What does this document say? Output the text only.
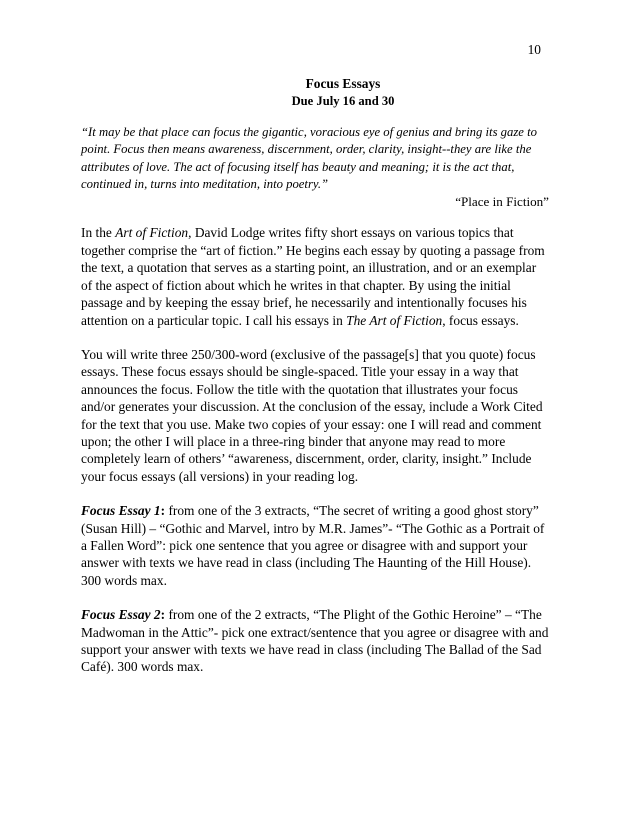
10

Focus Essays
Due July 16 and 30

“It may be that place can focus the gigantic, voracious eye of genius and bring its gaze to point. Focus then means awareness, discernment, order, clarity, insight--they are like the attributes of love. The act of focusing itself has beauty and meaning; it is the act that, continued in, turns into meditation, into poetry.”

“Place in Fiction”

In the Art of Fiction, David Lodge writes fifty short essays on various topics that together comprise the “art of fiction.” He begins each essay by quoting a passage from the text, a quotation that serves as a starting point, an illustration, and or an exemplar of the aspect of fiction about which he writes in that chapter. By using the initial passage and by keeping the essay brief, he necessarily and intentionally focuses his attention on a particular topic. I call his essays in The Art of Fiction, focus essays.

You will write three 250/300-word (exclusive of the passage[s] that you quote) focus essays. These focus essays should be single-spaced. Title your essay in a way that announces the focus. Follow the title with the quotation that illustrates your focus and/or generates your discussion. At the conclusion of the essay, include a Work Cited for the text that you use. Make two copies of your essay: one I will read and comment upon; the other I will place in a three-ring binder that anyone may read to more completely learn of others’ “awareness, discernment, order, clarity, insight.” Include your focus essays (all versions) in your reading log.

Focus Essay 1: from one of the 3 extracts, “The secret of writing a good ghost story” (Susan Hill) – “Gothic and Marvel, intro by M.R. James”- “The Gothic as a Portrait of a Fallen Word”: pick one sentence that you agree or disagree with and support your answer with texts we have read in class (including The Haunting of the Hill House). 300 words max.

Focus Essay 2: from one of the 2 extracts, “The Plight of the Gothic Heroine” – “The Madwoman in the Attic”- pick one extract/sentence that you agree or disagree with and support your answer with texts we have read in class (including The Ballad of the Sad Café). 300 words max.
